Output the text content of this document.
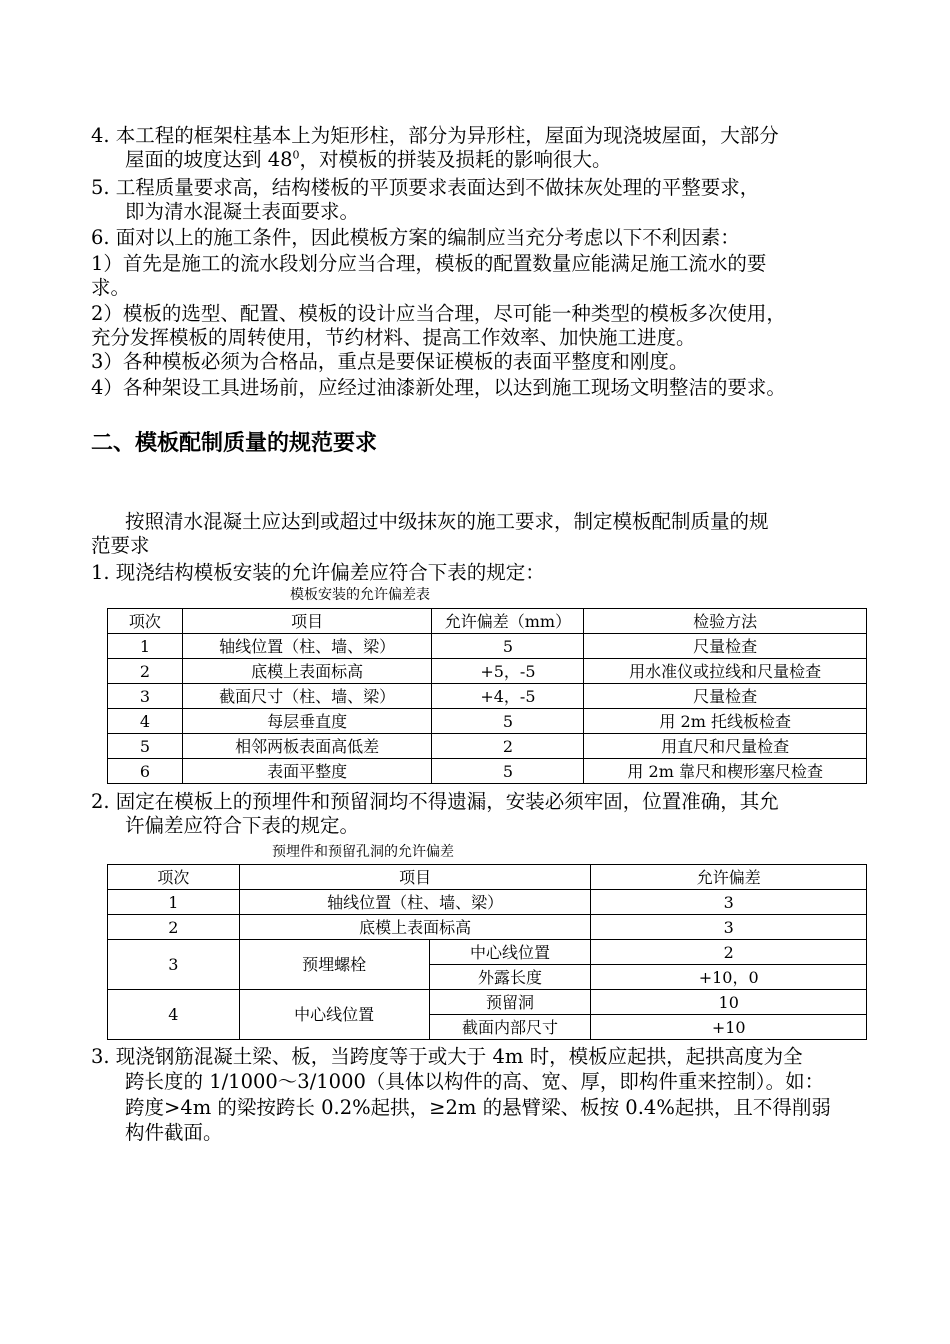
4. 本工程的框架柱基本上为矩形柱，部分为异形柱，屋面为现浇坡屋面，大部分
屋面的坡度达到 $48^0$，对模板的拼装及损耗的影响很大。
5. 工程质量要求高，结构楼板的平顶要求表面达到不做抹灰处理的平整要求，
即为清水混凝土表面要求。
6. 面对以上的施工条件，因此模板方案的编制应当充分考虑以下不利因素：
1）首先是施工的流水段划分应当合理，模板的配置数量应能满足施工流水的要
求。
2）模板的选型、配置、模板的设计应当合理，尽可能一种类型的模板多次使用，
充分发挥模板的周转使用，节约材料、提高工作效率、加快施工进度。
3）各种模板必须为合格品，重点是要保证模板的表面平整度和刚度。
4）各种架设工具进场前，应经过油漆新处理，以达到施工现场文明整洁的要求。
二、模板配制质量的规范要求
按照清水混凝土应达到或超过中级抹灰的施工要求，制定模板配制质量的规
范要求
1. 现浇结构模板安装的允许偏差应符合下表的规定：
模板安装的允许偏差表
项次	项目	允许偏差（mm）	检验方法
1	轴线位置（柱、墙、梁）	5	尺量检查
2	底模上表面标高	+5，-5	用水准仪或拉线和尺量检查
3	截面尺寸（柱、墙、梁）	+4，-5	尺量检查
4	每层垂直度	5	用 2m 托线板检查
5	相邻两板表面高低差	2	用直尺和尺量检查
6	表面平整度	5	用 2m 靠尺和楔形塞尺检查
2. 固定在模板上的预埋件和预留洞均不得遗漏，安装必须牢固，位置准确，其允
许偏差应符合下表的规定。
预埋件和预留孔洞的允许偏差
项次	项目		允许偏差
1	轴线位置（柱、墙、梁）		3
2	底模上表面标高		3
3	预埋螺栓	中心线位置	2
		外露长度	+10，0
4	中心线位置	预留洞	10
		截面内部尺寸	+10
3. 现浇钢筋混凝土梁、板，当跨度等于或大于 4m 时，模板应起拱，起拱高度为全
跨长度的 1/1000～3/1000（具体以构件的高、宽、厚，即构件重来控制）。如：
跨度>4m 的梁按跨长 0.2%起拱，≥2m 的悬臂梁、板按 0.4%起拱，且不得削弱
构件截面。
